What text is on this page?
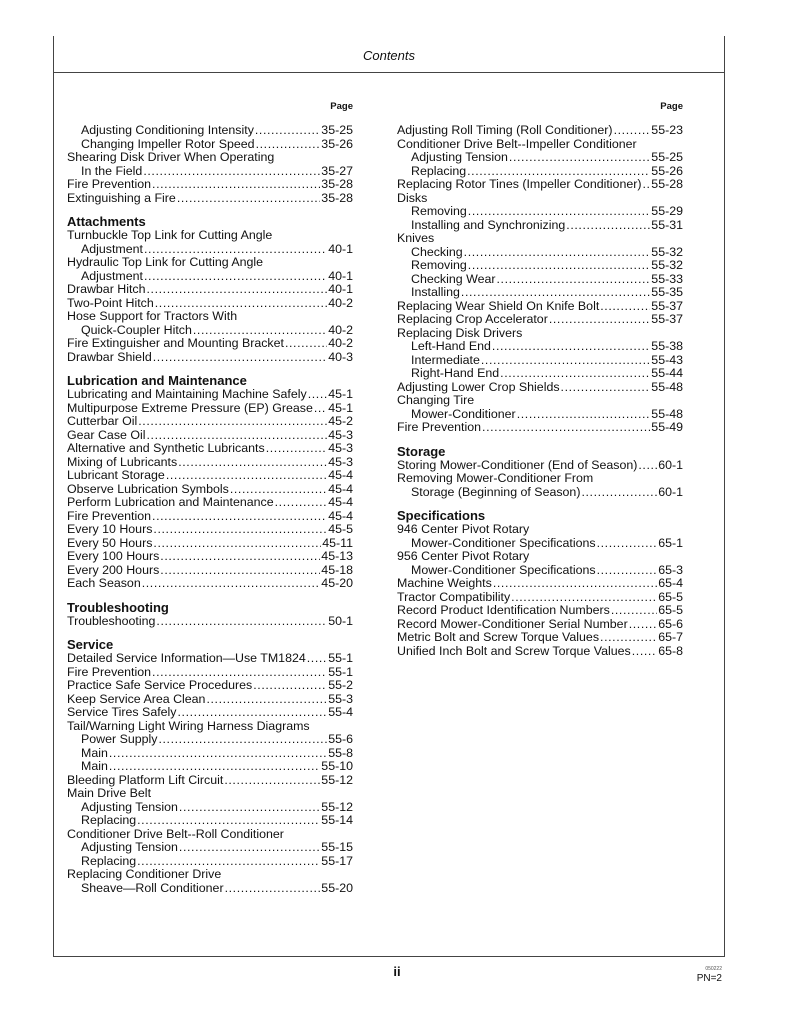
Contents
Page
Adjusting Conditioning Intensity .....	35-25
Changing Impeller Rotor Speed .....	35-26
Shearing Disk Driver When Operating
In the Field .....	35-27
Fire Prevention .....	35-28
Extinguishing a Fire .....	35-28
Attachments
Turnbuckle Top Link for Cutting Angle
Adjustment .....	40-1
Hydraulic Top Link for Cutting Angle
Adjustment .....	40-1
Drawbar Hitch .....	40-1
Two-Point Hitch .....	40-2
Hose Support for Tractors With
Quick-Coupler Hitch .....	40-2
Fire Extinguisher and Mounting Bracket .....	40-2
Drawbar Shield .....	40-3
Lubrication and Maintenance
Lubricating and Maintaining Machine Safely ..... 45-1
Multipurpose Extreme Pressure (EP) Grease ..... 45-1
Cutterbar Oil .....	45-2
Gear Case Oil .....	45-3
Alternative and Synthetic Lubricants .....	45-3
Mixing of Lubricants .....	45-3
Lubricant Storage .....	45-4
Observe Lubrication Symbols .....	45-4
Perform Lubrication and Maintenance .....	45-4
Fire Prevention .....	45-4
Every 10 Hours .....	45-5
Every 50 Hours .....	45-11
Every 100 Hours .....	45-13
Every 200 Hours .....	45-18
Each Season .....	45-20
Troubleshooting
Troubleshooting .....	50-1
Service
Detailed Service Information—Use TM1824 ..... 55-1
Fire Prevention .....	55-1
Practice Safe Service Procedures .....	55-2
Keep Service Area Clean .....	55-3
Service Tires Safely .....	55-4
Tail/Warning Light Wiring Harness Diagrams
Power Supply .....	55-6
Main .....	55-8
Main .....	55-10
Bleeding Platform Lift Circuit .....	55-12
Main Drive Belt
Adjusting Tension .....	55-12
Replacing .....	55-14
Conditioner Drive Belt--Roll Conditioner
Adjusting Tension .....	55-15
Replacing .....	55-17
Replacing Conditioner Drive
Sheave—Roll Conditioner .....	55-20
Page
Adjusting Roll Timing (Roll Conditioner) .....	55-23
Conditioner Drive Belt--Impeller Conditioner
Adjusting Tension .....	55-25
Replacing .....	55-26
Replacing Rotor Tines (Impeller Conditioner) ..... 55-28
Disks
Removing .....	55-29
Installing and Synchronizing .....	55-31
Knives
Checking .....	55-32
Removing .....	55-32
Checking Wear .....	55-33
Installing .....	55-35
Replacing Wear Shield On Knife Bolt .....	55-37
Replacing Crop Accelerator .....	55-37
Replacing Disk Drivers
Left-Hand End .....	55-38
Intermediate .....	55-43
Right-Hand End .....	55-44
Adjusting Lower Crop Shields .....	55-48
Changing Tire
Mower-Conditioner .....	55-48
Fire Prevention .....	55-49
Storage
Storing Mower-Conditioner (End of Season) ..... 60-1
Removing Mower-Conditioner From
Storage (Beginning of Season) .....	60-1
Specifications
946 Center Pivot Rotary
Mower-Conditioner Specifications .....	65-1
956 Center Pivot Rotary
Mower-Conditioner Specifications .....	65-3
Machine Weights .....	65-4
Tractor Compatibility .....	65-5
Record Product Identification Numbers .....	65-5
Record Mower-Conditioner Serial Number ..... 65-6
Metric Bolt and Screw Torque Values .....	65-7
Unified Inch Bolt and Screw Torque Values ..... 65-8
ii	050222
PN=2
